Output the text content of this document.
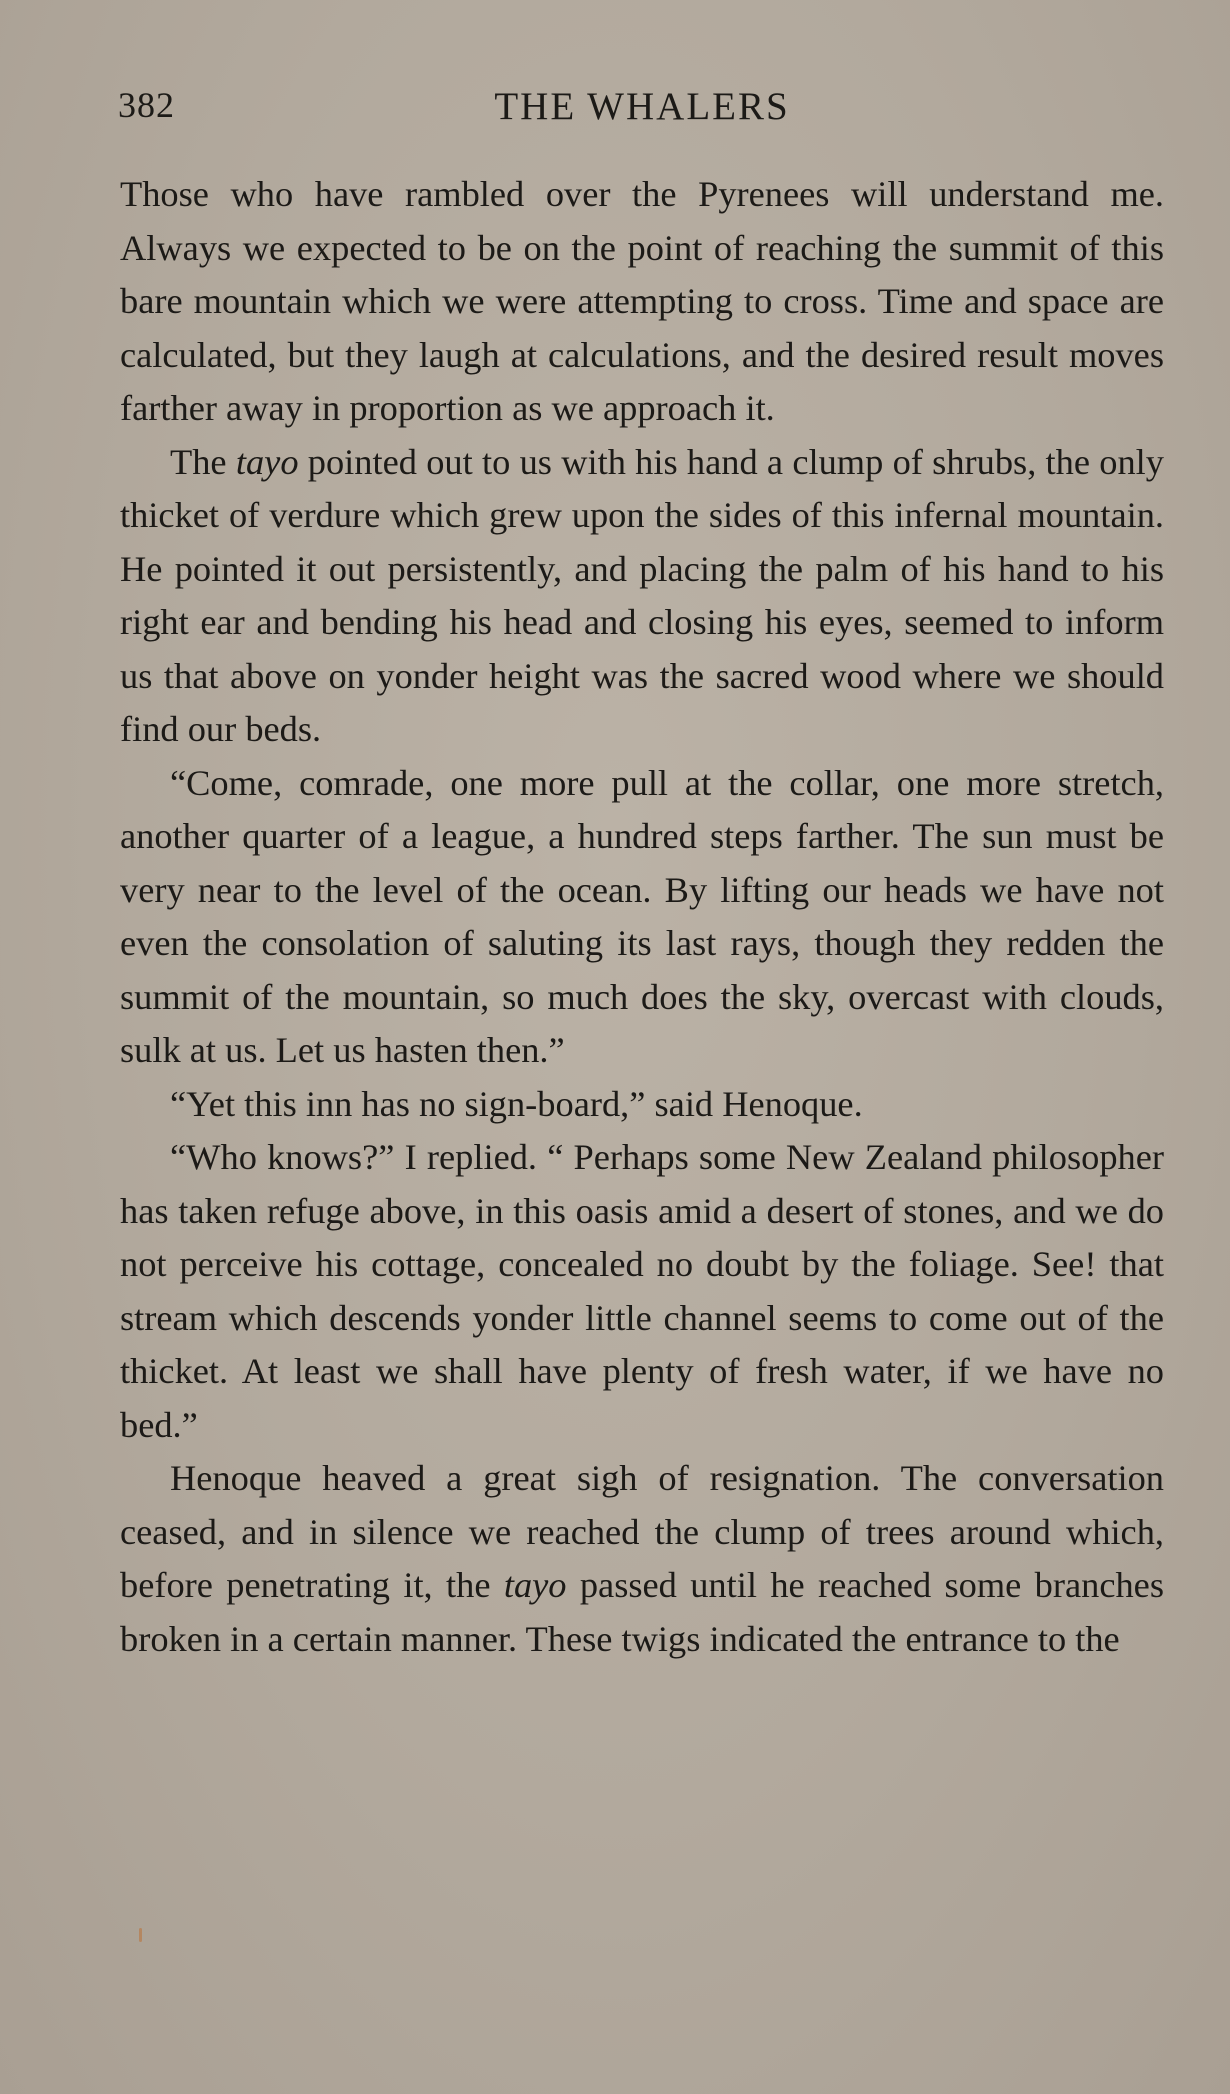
382	THE WHALERS

Those who have rambled over the Pyrenees will understand me. Always we expected to be on the point of reaching the summit of this bare mountain which we were attempting to cross. Time and space are calculated, but they laugh at calculations, and the desired result moves farther away in proportion as we approach it.

The tayo pointed out to us with his hand a clump of shrubs, the only thicket of verdure which grew upon the sides of this infernal mountain. He pointed it out persistently, and placing the palm of his hand to his right ear and bending his head and closing his eyes, seemed to inform us that above on yonder height was the sacred wood where we should find our beds.

“Come, comrade, one more pull at the collar, one more stretch, another quarter of a league, a hundred steps farther. The sun must be very near to the level of the ocean. By lifting our heads we have not even the consolation of saluting its last rays, though they redden the summit of the mountain, so much does the sky, overcast with clouds, sulk at us. Let us hasten then.”

“Yet this inn has no sign-board,” said Henoque.

“Who knows?” I replied. “ Perhaps some New Zealand philosopher has taken refuge above, in this oasis amid a desert of stones, and we do not perceive his cottage, concealed no doubt by the foliage. See! that stream which descends yonder little channel seems to come out of the thicket. At least we shall have plenty of fresh water, if we have no bed.”

Henoque heaved a great sigh of resignation. The conversation ceased, and in silence we reached the clump of trees around which, before penetrating it, the tayo passed until he reached some branches broken in a certain manner. These twigs indicated the entrance to the
